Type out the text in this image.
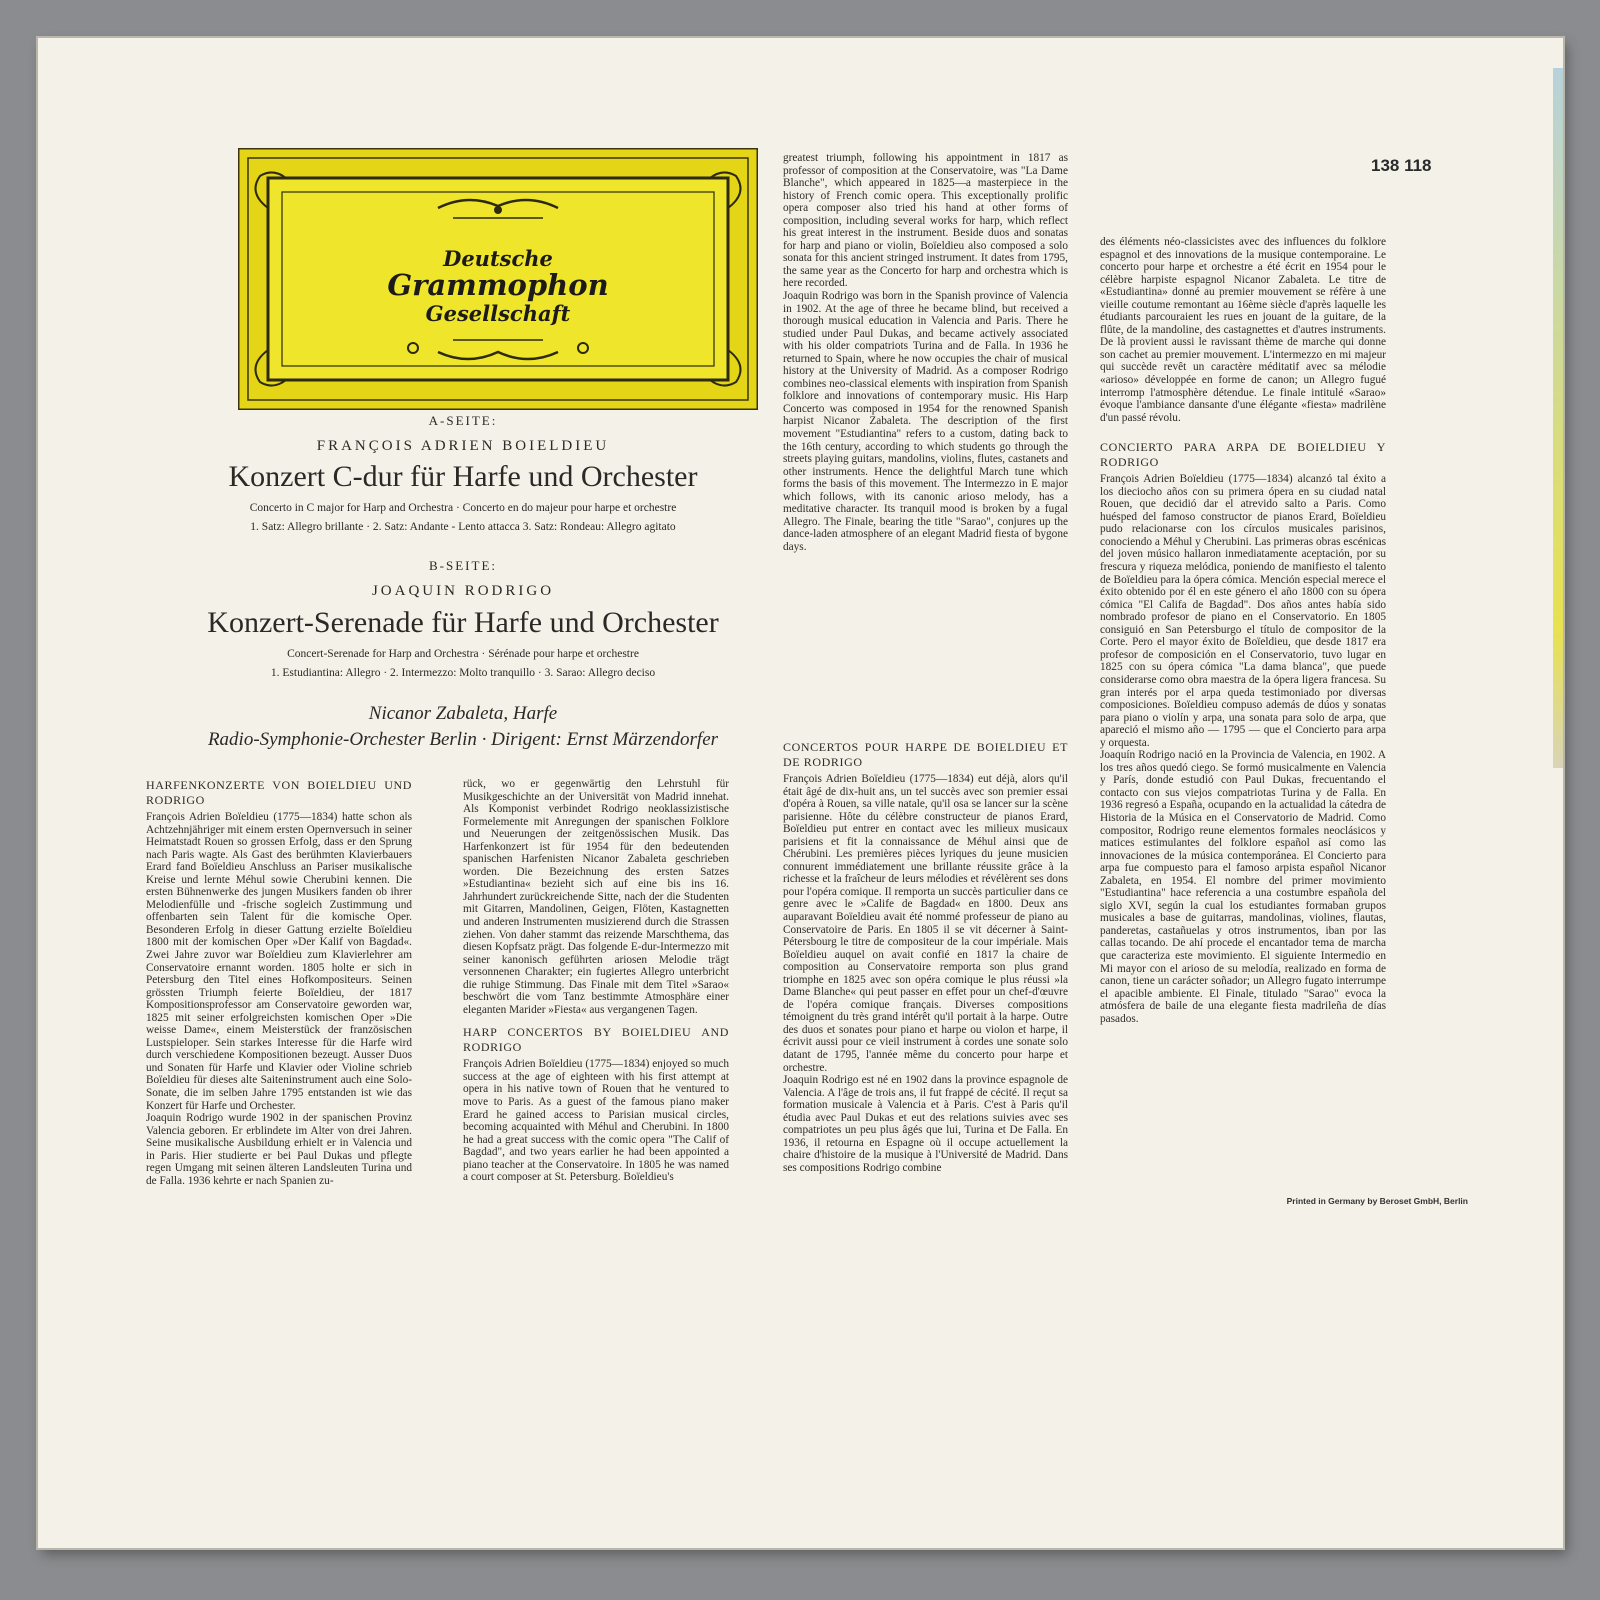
138 118
Deutsche
Grammophon
Gesellschaft
A-SEITE:
FRANÇOIS ADRIEN BOIELDIEU
Konzert C-dur für Harfe und Orchester
Concerto in C major for Harp and Orchestra · Concerto en do majeur pour harpe et orchestre
1. Satz: Allegro brillante · 2. Satz: Andante - Lento attacca 3. Satz: Rondeau: Allegro agitato
B-SEITE:
JOAQUIN RODRIGO
Konzert-Serenade für Harfe und Orchester
Concert-Serenade for Harp and Orchestra · Sérénade pour harpe et orchestre
1. Estudiantina: Allegro · 2. Intermezzo: Molto tranquillo · 3. Sarao: Allegro deciso
Nicanor Zabaleta, Harfe
Radio-Symphonie-Orchester Berlin · Dirigent: Ernst Märzendorfer
HARFENKONZERTE VON BOIELDIEU UND RODRIGO

François Adrien Boïeldieu (1775—1834) hatte schon als Achtzehnjähriger mit einem ersten Opernversuch in seiner Heimatstadt Rouen so grossen Erfolg, dass er den Sprung nach Paris wagte. Als Gast des berühmten Klavierbauers Erard fand Boïeldieu Anschluss an Pariser musikalische Kreise und lernte Méhul sowie Cherubini kennen. Die ersten Bühnenwerke des jungen Musikers fanden ob ihrer Melodienfülle und -frische sogleich Zustimmung und offenbarten sein Talent für die komische Oper. Besonderen Erfolg in dieser Gattung erzielte Boïeldieu 1800 mit der komischen Oper »Der Kalif von Bagdad«. Zwei Jahre zuvor war Boïeldieu zum Klavierlehrer am Conservatoire ernannt worden. 1805 holte er sich in Petersburg den Titel eines Hofkompositeurs. Seinen grössten Triumph feierte Boïeldieu, der 1817 Kompositionsprofessor am Conservatoire geworden war, 1825 mit seiner erfolgreichsten komischen Oper »Die weisse Dame«, einem Meisterstück der französischen Lustspieloper. Sein starkes Interesse für die Harfe wird durch verschiedene Kompositionen bezeugt. Ausser Duos und Sonaten für Harfe und Klavier oder Violine schrieb Boïeldieu für dieses alte Saiteninstrument auch eine Solo-Sonate, die im selben Jahre 1795 entstanden ist wie das Konzert für Harfe und Orchester.

Joaquin Rodrigo wurde 1902 in der spanischen Provinz Valencia geboren. Er erblindete im Alter von drei Jahren. Seine musikalische Ausbildung erhielt er in Valencia und in Paris. Hier studierte er bei Paul Dukas und pflegte regen Umgang mit seinen älteren Landsleuten Turina und de Falla. 1936 kehrte er nach Spanien zu-

rück, wo er gegenwärtig den Lehrstuhl für Musikgeschichte an der Universität von Madrid innehat. Als Komponist verbindet Rodrigo neoklassizistische Formelemente mit Anregungen der spanischen Folklore und Neuerungen der zeitgenössischen Musik. Das Harfenkonzert ist für 1954 für den bedeutenden spanischen Harfenisten Nicanor Zabaleta geschrieben worden. Die Bezeichnung des ersten Satzes »Estudiantina« bezieht sich auf eine bis ins 16. Jahrhundert zurückreichende Sitte, nach der die Studenten mit Gitarren, Mandolinen, Geigen, Flöten, Kastagnetten und anderen Instrumenten musizierend durch die Strassen ziehen. Von daher stammt das reizende Marschthema, das diesen Kopfsatz prägt. Das folgende E-dur-Intermezzo mit seiner kanonisch geführten ariosen Melodie trägt versonnenen Charakter; ein fugiertes Allegro unterbricht die ruhige Stimmung. Das Finale mit dem Titel »Sarao« beschwört die vom Tanz bestimmte Atmosphäre einer eleganten Marider »Fiesta« aus vergangenen Tagen.

HARP CONCERTOS BY BOIELDIEU AND RODRIGO

François Adrien Boïeldieu (1775—1834) enjoyed so much success at the age of eighteen with his first attempt at opera in his native town of Rouen that he ventured to move to Paris. As a guest of the famous piano maker Erard he gained access to Parisian musical circles, becoming acquainted with Méhul and Cherubini. In 1800 he had a great success with the comic opera "The Calif of Bagdad", and two years earlier he had been appointed a piano teacher at the Conservatoire. In 1805 he was named a court composer at St. Petersburg. Boïeldieu's

greatest triumph, following his appointment in 1817 as professor of composition at the Conservatoire, was "La Dame Blanche", which appeared in 1825—a masterpiece in the history of French comic opera. This exceptionally prolific opera composer also tried his hand at other forms of composition, including several works for harp, which reflect his great interest in the instrument. Beside duos and sonatas for harp and piano or violin, Boïeldieu also composed a solo sonata for this ancient stringed instrument. It dates from 1795, the same year as the Concerto for harp and orchestra which is here recorded.

Joaquin Rodrigo was born in the Spanish province of Valencia in 1902. At the age of three he became blind, but received a thorough musical education in Valencia and Paris. There he studied under Paul Dukas, and became actively associated with his older compatriots Turina and de Falla. In 1936 he returned to Spain, where he now occupies the chair of musical history at the University of Madrid. As a composer Rodrigo combines neo-classical elements with inspiration from Spanish folklore and innovations of contemporary music. His Harp Concerto was composed in 1954 for the renowned Spanish harpist Nicanor Zabaleta. The description of the first movement "Estudiantina" refers to a custom, dating back to the 16th century, according to which students go through the streets playing guitars, mandolins, violins, flutes, castanets and other instruments. Hence the delightful March tune which forms the basis of this movement. The Intermezzo in E major which follows, with its canonic arioso melody, has a meditative character. Its tranquil mood is broken by a fugal Allegro. The Finale, bearing the title "Sarao", conjures up the dance-laden atmosphere of an elegant Madrid fiesta of bygone days.

CONCERTOS POUR HARPE DE BOIELDIEU ET DE RODRIGO

François Adrien Boïeldieu (1775—1834) eut déjà, alors qu'il était âgé de dix-huit ans, un tel succès avec son premier essai d'opéra à Rouen, sa ville natale, qu'il osa se lancer sur la scène parisienne. Hôte du célèbre constructeur de pianos Erard, Boïeldieu put entrer en contact avec les milieux musicaux parisiens et fit la connaissance de Méhul ainsi que de Chérubini. Les premières pièces lyriques du jeune musicien connurent immédiatement une brillante réussite grâce à la richesse et la fraîcheur de leurs mélodies et révélèrent ses dons pour l'opéra comique. Il remporta un succès particulier dans ce genre avec le »Calife de Bagdad« en 1800. Deux ans auparavant Boïeldieu avait été nommé professeur de piano au Conservatoire de Paris. En 1805 il se vit décerner à Saint-Pétersbourg le titre de compositeur de la cour impériale. Mais Boïeldieu auquel on avait confié en 1817 la chaire de composition au Conservatoire remporta son plus grand triomphe en 1825 avec son opéra comique le plus réussi »la Dame Blanche« qui peut passer en effet pour un chef-d'œuvre de l'opéra comique français. Diverses compositions témoignent du très grand intérêt qu'il portait à la harpe. Outre des duos et sonates pour piano et harpe ou violon et harpe, il écrivit aussi pour ce vieil instrument à cordes une sonate solo datant de 1795, l'année même du concerto pour harpe et orchestre.

Joaquin Rodrigo est né en 1902 dans la province espagnole de Valencia. A l'âge de trois ans, il fut frappé de cécité. Il reçut sa formation musicale à Valencia et à Paris. C'est à Paris qu'il étudia avec Paul Dukas et eut des relations suivies avec ses compatriotes un peu plus âgés que lui, Turina et De Falla. En 1936, il retourna en Espagne où il occupe actuellement la chaire d'histoire de la musique à l'Université de Madrid. Dans ses compositions Rodrigo combine

des éléments néo-classicistes avec des influences du folklore espagnol et des innovations de la musique contemporaine. Le concerto pour harpe et orchestre a été écrit en 1954 pour le célèbre harpiste espagnol Nicanor Zabaleta. Le titre de «Estudiantina» donné au premier mouvement se réfère à une vieille coutume remontant au 16ème siècle d'après laquelle les étudiants parcouraient les rues en jouant de la guitare, de la flûte, de la mandoline, des castagnettes et d'autres instruments. De là provient aussi le ravissant thème de marche qui donne son cachet au premier mouvement. L'intermezzo en mi majeur qui succède revêt un caractère méditatif avec sa mélodie «arioso» développée en forme de canon; un Allegro fugué interromp l'atmosphère détendue. Le finale intitulé «Sarao» évoque l'ambiance dansante d'une élégante «fiesta» madrilène d'un passé révolu.

CONCIERTO PARA ARPA DE BOIELDIEU Y RODRIGO

François Adrien Boïeldieu (1775—1834) alcanzó tal éxito a los dieciocho años con su primera ópera en su ciudad natal Rouen, que decidió dar el atrevido salto a Paris. Como huésped del famoso constructor de pianos Erard, Boïeldieu pudo relacionarse con los círculos musicales parisinos, conociendo a Méhul y Cherubini. Las primeras obras escénicas del joven músico hallaron inmediatamente aceptación, por su frescura y riqueza melódica, poniendo de manifiesto el talento de Boïeldieu para la ópera cómica. Mención especial merece el éxito obtenido por él en este género el año 1800 con su ópera cómica "El Califa de Bagdad". Dos años antes había sido nombrado profesor de piano en el Conservatorio. En 1805 consiguió en San Petersburgo el título de compositor de la Corte. Pero el mayor éxito de Boïeldieu, que desde 1817 era profesor de composición en el Conservatorio, tuvo lugar en 1825 con su ópera cómica "La dama blanca", que puede considerarse como obra maestra de la ópera ligera francesa. Su gran interés por el arpa queda testimoniado por diversas composiciones. Boïeldieu compuso además de dúos y sonatas para piano o violín y arpa, una sonata para solo de arpa, que apareció el mismo año — 1795 — que el Concierto para arpa y orquesta.

Joaquín Rodrigo nació en la Provincia de Valencia, en 1902. A los tres años quedó ciego. Se formó musicalmente en Valencia y París, donde estudió con Paul Dukas, frecuentando el contacto con sus viejos compatriotas Turina y de Falla. En 1936 regresó a España, ocupando en la actualidad la cátedra de Historia de la Música en el Conservatorio de Madrid. Como compositor, Rodrigo reune elementos formales neoclásicos y matices estimulantes del folklore español así como las innovaciones de la música contemporánea. El Concierto para arpa fue compuesto para el famoso arpista español Nicanor Zabaleta, en 1954. El nombre del primer movimiento "Estudiantina" hace referencia a una costumbre española del siglo XVI, según la cual los estudiantes formaban grupos musicales a base de guitarras, mandolinas, violines, flautas, panderetas, castañuelas y otros instrumentos, iban por las callas tocando. De ahí procede el encantador tema de marcha que caracteriza este movimiento. El siguiente Intermedio en Mi mayor con el arioso de su melodía, realizado en forma de canon, tiene un carácter soñador; un Allegro fugato interrumpe el apacible ambiente. El Finale, titulado "Sarao" evoca la atmósfera de baile de una elegante fiesta madrileña de días pasados.

Printed in Germany by Beroset GmbH, Berlin
